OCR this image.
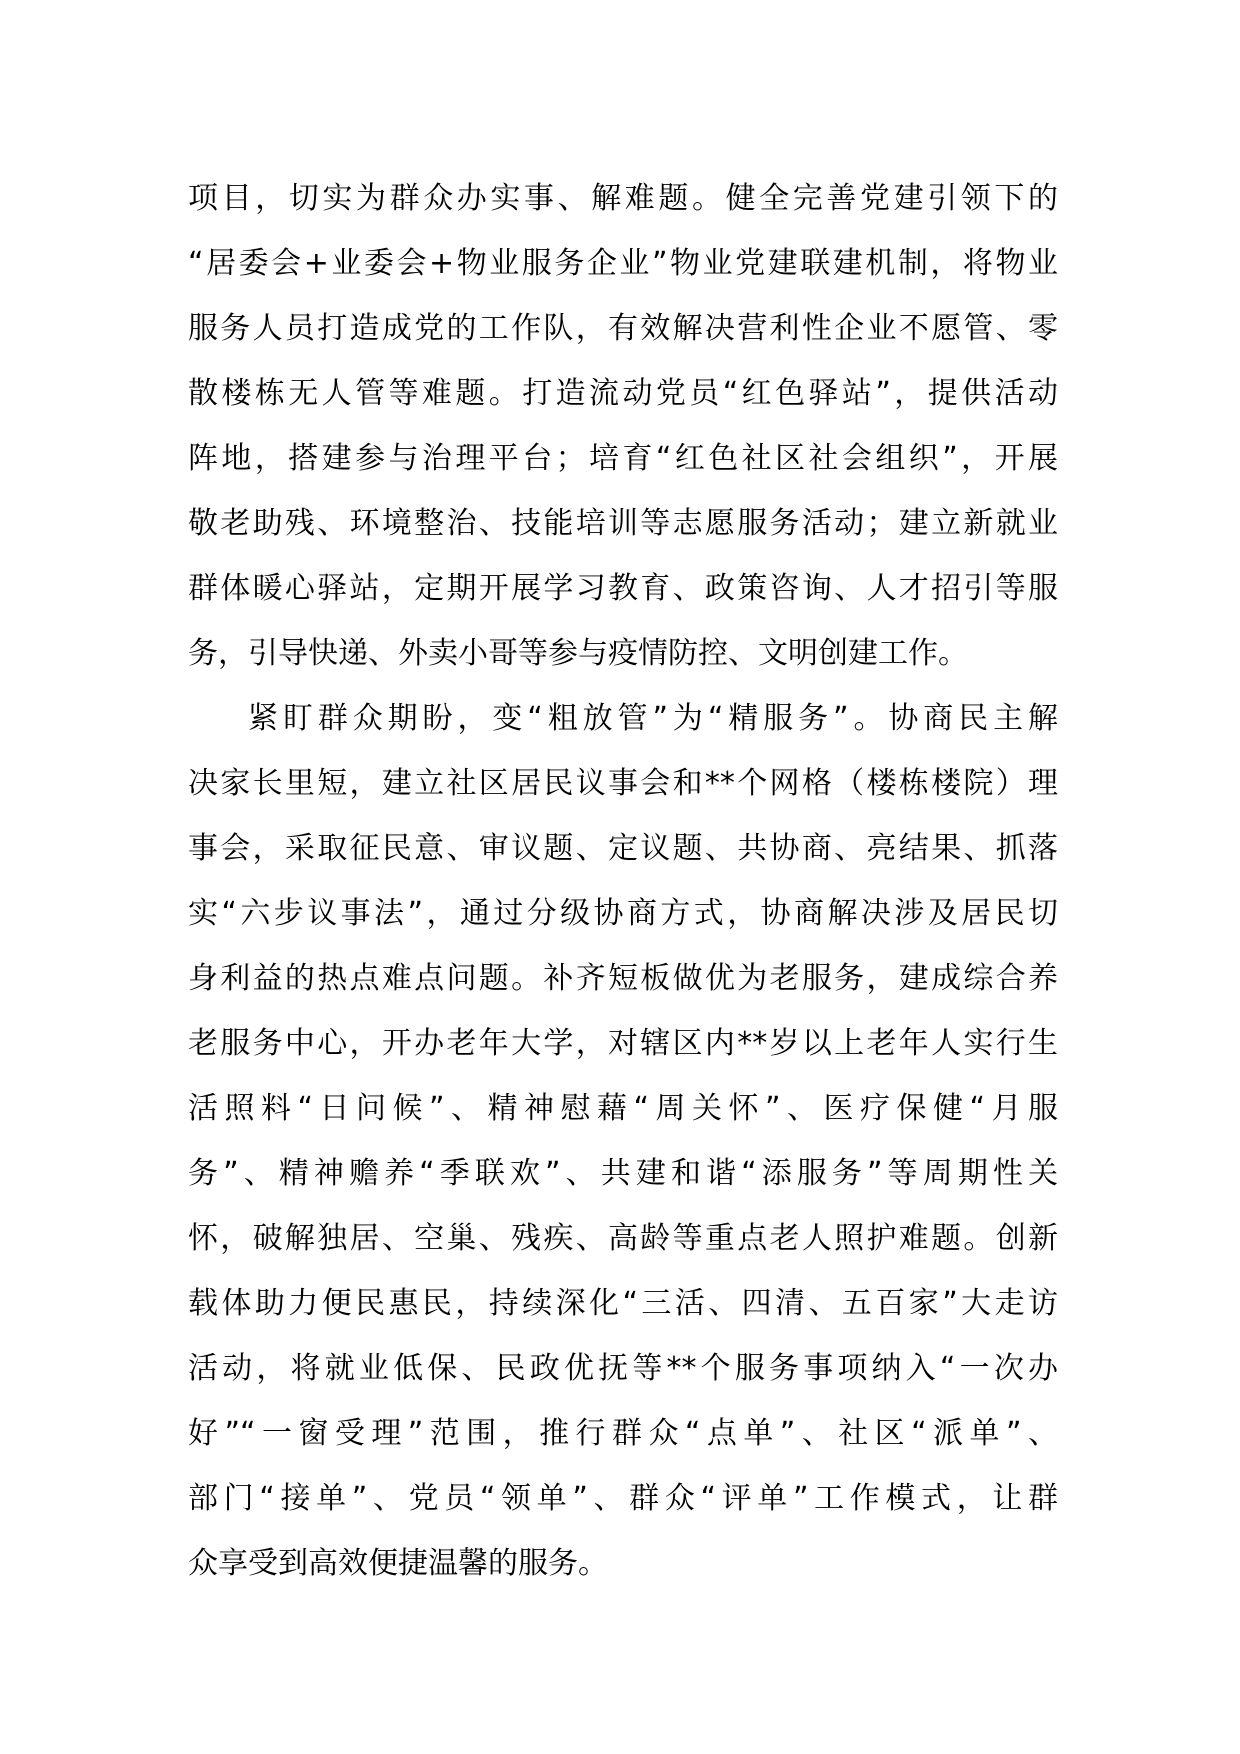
项目，切实为群众办实事、解难题。健全完善党建引领下的
“居委会+业委会+物业服务企业”物业党建联建机制，将物业
服务人员打造成党的工作队，有效解决营利性企业不愿管、零
散楼栋无人管等难题。打造流动党员“红色驿站”，提供活动
阵地，搭建参与治理平台；培育“红色社区社会组织”，开展
敬老助残、环境整治、技能培训等志愿服务活动；建立新就业
群体暖心驿站，定期开展学习教育、政策咨询、人才招引等服
务，引导快递、外卖小哥等参与疫情防控、文明创建工作。
紧盯群众期盼，变“粗放管”为“精服务”。协商民主解
决家长里短，建立社区居民议事会和**个网格（楼栋楼院）理
事会，采取征民意、审议题、定议题、共协商、亮结果、抓落
实“六步议事法”，通过分级协商方式，协商解决涉及居民切
身利益的热点难点问题。补齐短板做优为老服务，建成综合养
老服务中心，开办老年大学，对辖区内**岁以上老年人实行生
活照料“日问候”、精神慰藉“周关怀”、医疗保健“月服
务”、精神赡养“季联欢”、共建和谐“添服务”等周期性关
怀，破解独居、空巢、残疾、高龄等重点老人照护难题。创新
载体助力便民惠民，持续深化“三活、四清、五百家”大走访
活动，将就业低保、民政优抚等**个服务事项纳入“一次办
好”“一窗受理”范围，推行群众“点单”、社区“派单”、
部门“接单”、党员“领单”、群众“评单”工作模式，让群
众享受到高效便捷温馨的服务。
